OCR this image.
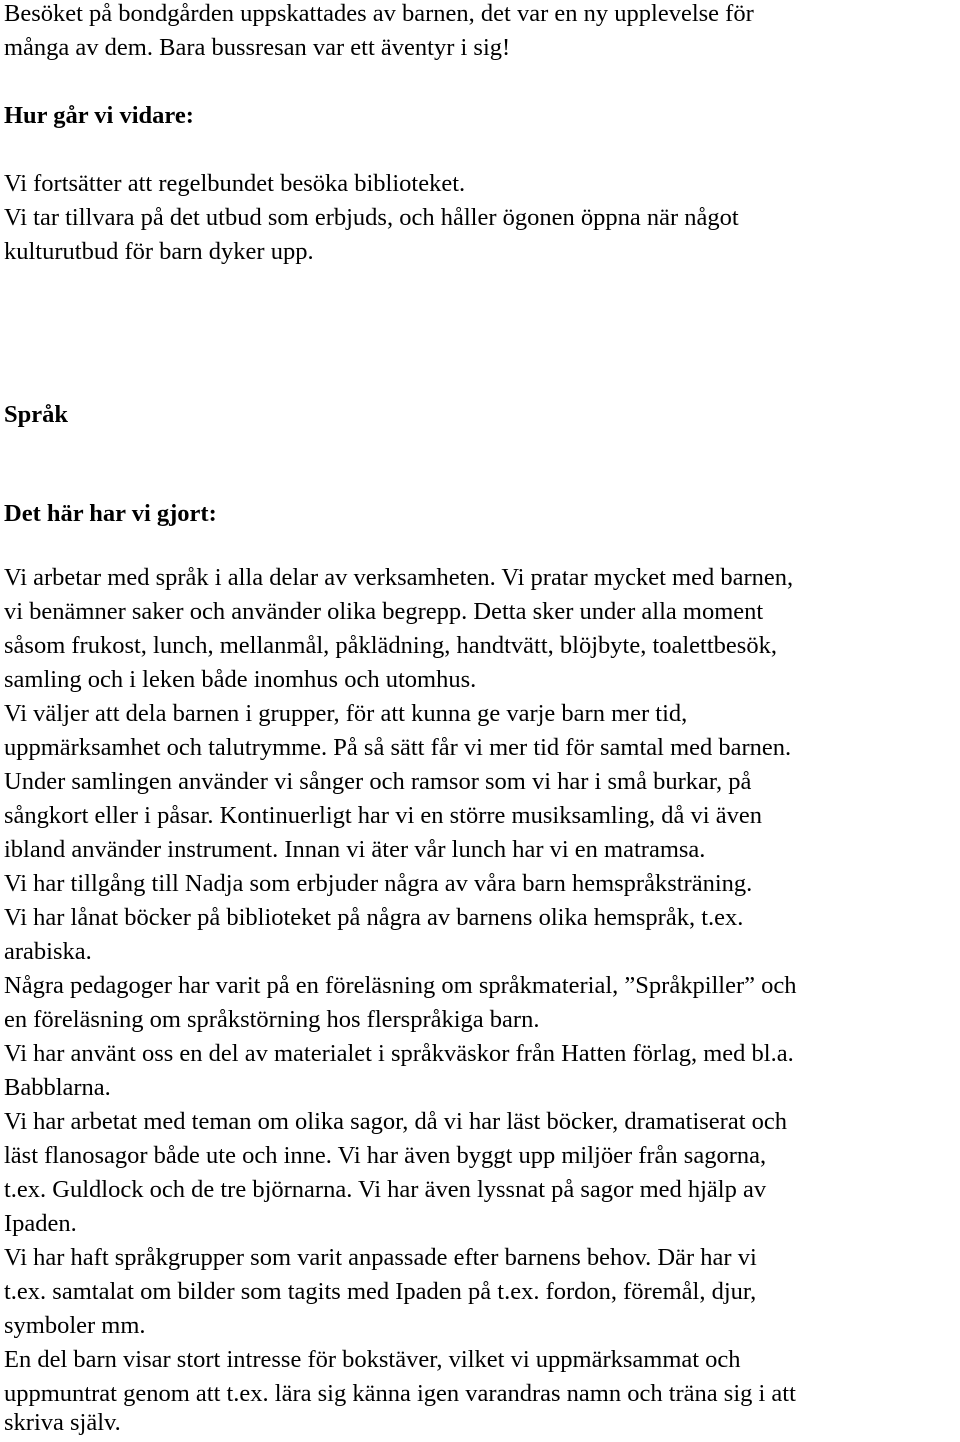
Besöket på bondgården uppskattades av barnen, det var en ny upplevelse för
många av dem. Bara bussresan var ett äventyr i sig!
Hur går vi vidare:
Vi fortsätter att regelbundet besöka biblioteket.
Vi tar tillvara på det utbud som erbjuds, och håller ögonen öppna när något
kulturutbud för barn dyker upp.
Språk
Det här har vi gjort:
Vi arbetar med språk i alla delar av verksamheten. Vi pratar mycket med barnen,
vi benämner saker och använder olika begrepp. Detta sker under alla moment
såsom frukost, lunch, mellanmål, påklädning, handtvätt, blöjbyte, toalettbesök,
samling och i leken både inomhus och utomhus.
Vi väljer att dela barnen i grupper, för att kunna ge varje barn mer tid,
uppmärksamhet och talutrymme. På så sätt får vi mer tid för samtal med barnen.
Under samlingen använder vi sånger och ramsor som vi har i små burkar, på
sångkort eller i påsar. Kontinuerligt har vi en större musiksamling, då vi även
ibland använder instrument. Innan vi äter vår lunch har vi en matramsa.
Vi har tillgång till Nadja som erbjuder några av våra barn hemspråksträning.
Vi har lånat böcker på biblioteket på några av barnens olika hemspråk, t.ex.
arabiska.
Några pedagoger har varit på en föreläsning om språkmaterial, ”Språkpiller” och
en föreläsning om språkstörning hos flerspråkiga barn.
Vi har använt oss en del av materialet i språkväskor från Hatten förlag, med bl.a.
Babblarna.
Vi har arbetat med teman om olika sagor, då vi har läst böcker, dramatiserat och
läst flanosagor både ute och inne. Vi har även byggt upp miljöer från sagorna,
t.ex. Guldlock och de tre björnarna. Vi har även lyssnat på sagor med hjälp av
Ipaden.
Vi har haft språkgrupper som varit anpassade efter barnens behov. Där har vi
t.ex. samtalat om bilder som tagits med Ipaden på t.ex. fordon, föremål, djur,
symboler mm.
En del barn visar stort intresse för bokstäver, vilket vi uppmärksammat och
uppmuntrat genom att t.ex. lära sig känna igen varandras namn och träna sig i att
skriva själv.
